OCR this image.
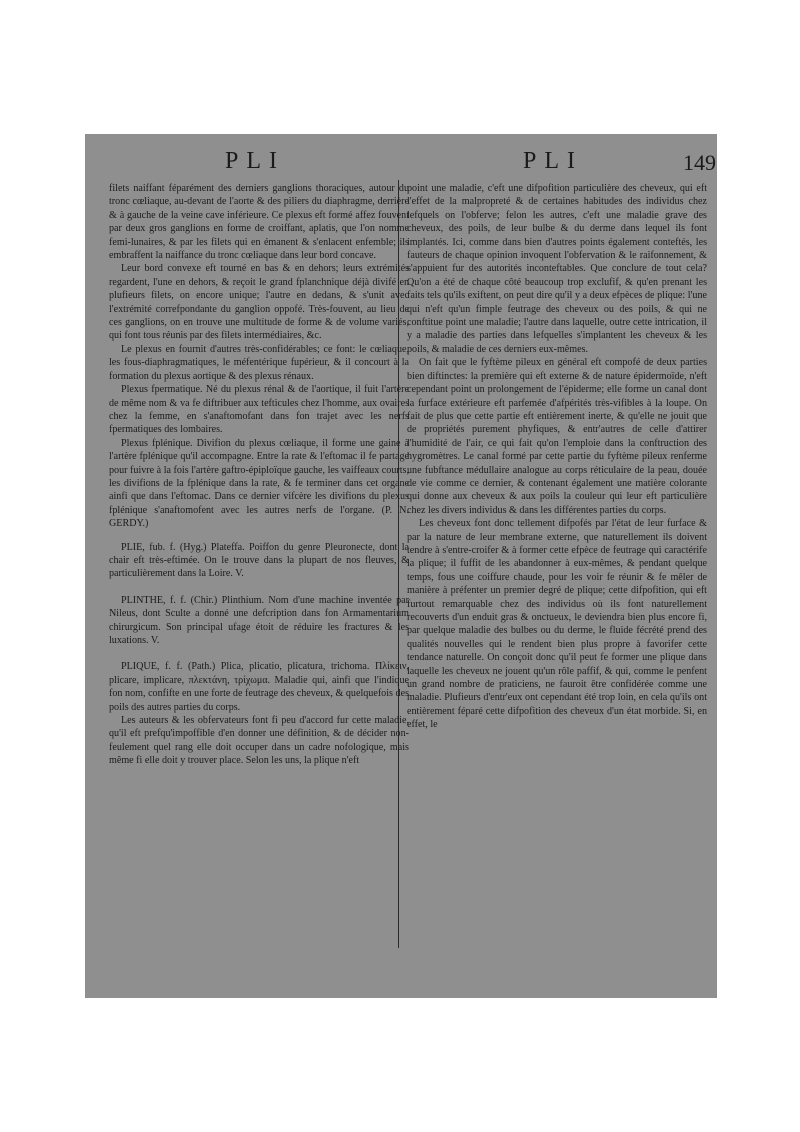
PLI	PLI	149

filets naiffant féparément des derniers ganglions thoraciques, autour du tronc cœliaque, au-devant de l'aorte & des piliers du diaphragme, derrière & à gauche de la veine cave inférieure. Ce plexus eft formé affez fouvent par deux gros ganglions en forme de croiffant, aplatis, que l'on nomme femi-lunaires, & par les filets qui en émanent & s'enlacent enfemble; ils embraffent la naiffance du tronc cœliaque dans leur bord concave.

Leur bord convexe eft tourné en bas & en dehors; leurs extrémités regardent, l'une en dehors, & reçoit le grand fplanchnique déjà divifé en plufieurs filets, on encore unique; l'autre en dedans, & s'unit avec l'extrémité correfpondante du ganglion oppofé. Très-fouvent, au lieu de ces ganglions, on en trouve une multitude de forme & de volume variés, qui font tous réunis par des filets intermédiaires, &c.

Le plexus en fournit d'autres très-confidérables; ce font: le cœliaque, les fous-diaphragmatiques, le méfentérique fupérieur, & il concourt à la formation du plexus aortique & des plexus rénaux.

Plexus fpermatique. Né du plexus rénal & de l'aortique, il fuit l'artère de même nom & va fe diftribuer aux tefticules chez l'homme, aux ovaires chez la femme, en s'anaftomofant dans fon trajet avec les nerfs fpermatiques des lombaires.

Plexus fplénique. Divifion du plexus cœliaque, il forme une gaine à l'artère fplénique qu'il accompagne. Entre la rate & l'eftomac il fe partage pour fuivre à la fois l'artère gaftro-épiploïque gauche, les vaiffeaux courts, les divifions de la fplénique dans la rate, & fe terminer dans cet organe ainfi que dans l'eftomac. Dans ce dernier vifcère les divifions du plexus fplénique s'anaftomofent avec les autres nerfs de l'organe. (P. N. GERDY.)

PLIE, fub. f. (Hyg.) Plateffa. Poiffon du genre Pleuronecte, dont la chair eft très-eftimée. On le trouve dans la plupart de nos fleuves, & particulièrement dans la Loire. V.

PLINTHE, f. f. (Chir.) Plinthium. Nom d'une machine inventée par Nileus, dont Sculte a donné une defcription dans fon Armamentarium chirurgicum. Son principal ufage étoit de réduire les fractures & les luxations. V.

PLIQUE, f. f. (Path.) Plica, plicatio, plicatura, trichoma. Πλίκειν, plicare, implicare, πλεκτάνη, τρίχωμα. Maladie qui, ainfi que l'indique fon nom, confifte en une forte de feutrage des cheveux, & quelquefois des poils des autres parties du corps.

Les auteurs & les obfervateurs font fi peu d'accord fur cette maladie, qu'il eft prefqu'impoffible d'en donner une définition, & de décider non-feulement quel rang elle doit occuper dans un cadre nofologique, mais même fi elle doit y trouver place. Selon les uns, la plique n'eft

point une maladie, c'eft une difpofition particulière des cheveux, qui eft l'effet de la malpropreté & de certaines habitudes des individus chez lefquels on l'obferve; felon les autres, c'eft une maladie grave des cheveux, des poils, de leur bulbe & du derme dans lequel ils font implantés. Ici, comme dans bien d'autres points également conteftés, les fauteurs de chaque opinion invoquent l'obfervation & le raifonnement, & s'appuient fur des autorités inconteftables. Que conclure de tout cela? Qu'on a été de chaque côté beaucoup trop exclufif, & qu'en prenant les faits tels qu'ils exiftent, on peut dire qu'il y a deux efpèces de plique: l'une qui n'eft qu'un fimple feutrage des cheveux ou des poils, & qui ne conftitue point une maladie; l'autre dans laquelle, outre cette intrication, il y a maladie des parties dans lefquelles s'implantent les cheveux & les poils, & maladie de ces derniers eux-mêmes.

On fait que le fyftème pileux en général eft compofé de deux parties bien diftinctes: la première qui eft externe & de nature épidermoïde, n'eft cependant point un prolongement de l'épiderme; elle forme un canal dont la furface extérieure eft parfemée d'afpérités très-vifibles à la loupe. On fait de plus que cette partie eft entièrement inerte, & qu'elle ne jouit que de propriétés purement phyfiques, & entr'autres de celle d'attirer l'humidité de l'air, ce qui fait qu'on l'emploie dans la conftruction des hygromètres. Le canal formé par cette partie du fyftème pileux renferme une fubftance médullaire analogue au corps réticulaire de la peau, douée de vie comme ce dernier, & contenant également une matière colorante qui donne aux cheveux & aux poils la couleur qui leur eft particulière chez les divers individus & dans les différentes parties du corps.

Les cheveux font donc tellement difpofés par l'état de leur furface & par la nature de leur membrane externe, que naturellement ils doivent tendre à s'entre-croifer & à former cette efpèce de feutrage qui caractérife la plique; il fuffit de les abandonner à eux-mêmes, & pendant quelque temps, fous une coiffure chaude, pour les voir fe réunir & fe mêler de manière à préfenter un premier degré de plique; cette difpofition, qui eft furtout remarquable chez des individus où ils font naturellement recouverts d'un enduit gras & onctueux, le deviendra bien plus encore fi, par quelque maladie des bulbes ou du derme, le fluide fécrété prend des qualités nouvelles qui le rendent bien plus propre à favorifer cette tendance naturelle. On conçoit donc qu'il peut fe former une plique dans laquelle les cheveux ne jouent qu'un rôle paffif, & qui, comme le penfent un grand nombre de praticiens, ne fauroit être confidérée comme une maladie. Plufieurs d'entr'eux ont cependant été trop loin, en cela qu'ils ont entièrement féparé cette difpofition des cheveux d'un état morbide. Si, en effet, le
